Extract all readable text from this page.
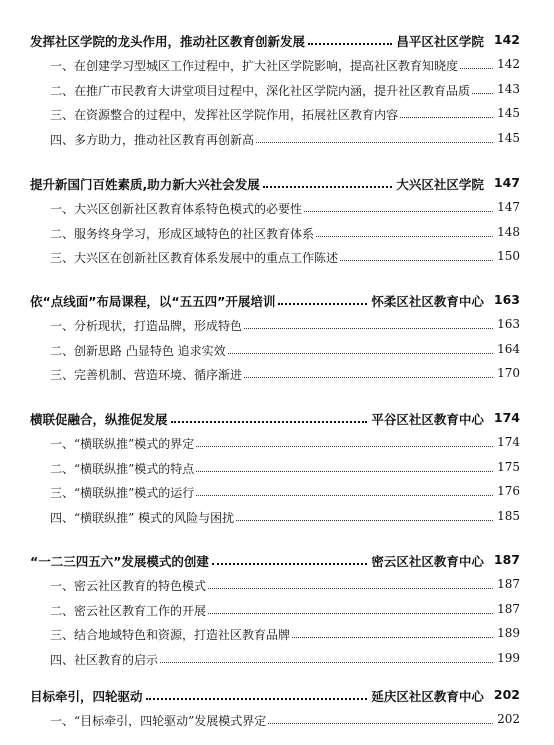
发挥社区学院的龙头作用，推动社区教育创新发展	昌平区社区学院 142
一、在创建学习型城区工作过程中，扩大社区学院影响，提高社区教育知晓度	142
二、在推广市民教育大讲堂项目过程中，深化社区学院内涵，提升社区教育品质 143
三、在资源整合的过程中，发挥社区学院作用，拓展社区教育内容	145
四、多方助力，推动社区教育再创新高	145
提升新国门百姓素质,助力新大兴社会发展	大兴区社区学院 147
一、大兴区创新社区教育体系特色模式的必要性	147
二、服务终身学习，形成区域特色的社区教育体系	148
三、大兴区在创新社区教育体系发展中的重点工作陈述	150
依“点线面”布局课程，以“五五四”开展培训	怀柔区社区教育中心 163
一、分析现状，打造品牌，形成特色	163
二、创新思路 凸显特色 追求实效	164
三、完善机制、营造环境、循序渐进	170
横联促融合，纵推促发展	平谷区社区教育中心 174
一、“横联纵推”模式的界定	174
二、“横联纵推”模式的特点	175
三、“横联纵推”模式的运行	176
四、“横联纵推” 模式的风险与困扰	185
“一二三四五六”发展模式的创建	密云区社区教育中心 187
一、密云社区教育的特色模式	187
二、密云社区教育工作的开展	187
三、结合地域特色和资源，打造社区教育品牌	189
四、社区教育的启示	199
目标牵引，四轮驱动	延庆区社区教育中心 202
一、“目标牵引，四轮驱动”发展模式界定	202
